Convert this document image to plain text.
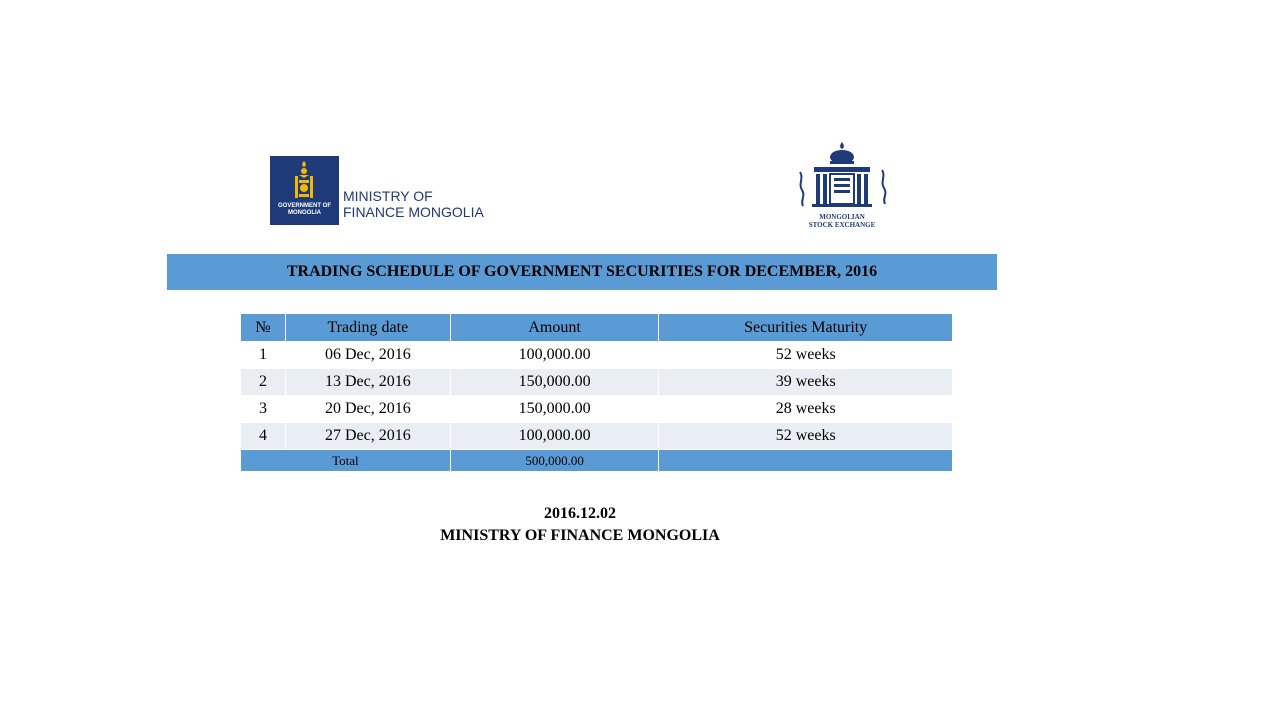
GOVERNMENT OF MONGOLIA
MINISTRY OF
FINANCE MONGOLIA	MONGOLIAN
STOCK EXCHANGE
TRADING SCHEDULE OF GOVERNMENT SECURITIES FOR DECEMBER, 2016
№	Trading date	Amount	Securities Maturity
1	06 Dec, 2016	100,000.00	52 weeks
2	13 Dec, 2016	150,000.00	39 weeks
3	20 Dec, 2016	150,000.00	28 weeks
4	27 Dec, 2016	100,000.00	52 weeks
Total		500,000.00	
2016.12.02
MINISTRY OF FINANCE MONGOLIA
